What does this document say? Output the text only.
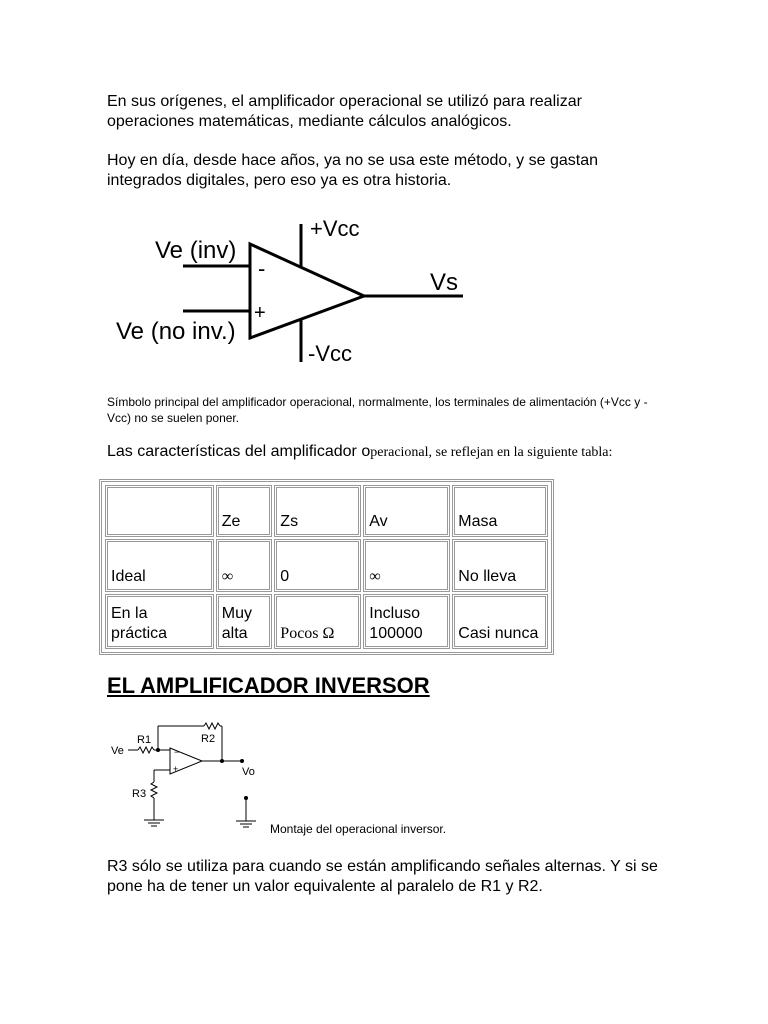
En sus orígenes, el amplificador operacional se utilizó para realizar operaciones matemáticas, mediante cálculos analógicos.

Hoy en día, desde hace años, ya no se usa este método, y se gastan integrados digitales, pero eso ya es otra historia.

+Vcc
-Vcc
Ve (inv)
Ve (no inv.)
-
+
Vs

Símbolo principal del amplificador operacional, normalmente, los terminales de alimentación (+Vcc y -Vcc) no se suelen poner.

Las características del amplificador operacional, se reflejan en la siguiente tabla:

	Ze	Zs	Av	Masa
Ideal	∞	0	∞	No lleva
En la práctica	Muy alta	Pocos Ω	Incluso 100000	Casi nunca
EL AMPLIFICADOR INVERSOR
Ve
R1	R2
R3
Vo
−
+

Montaje del operacional inversor.

R3 sólo se utiliza para cuando se están amplificando señales alternas. Y si se pone ha de tener un valor equivalente al paralelo de R1 y R2.
